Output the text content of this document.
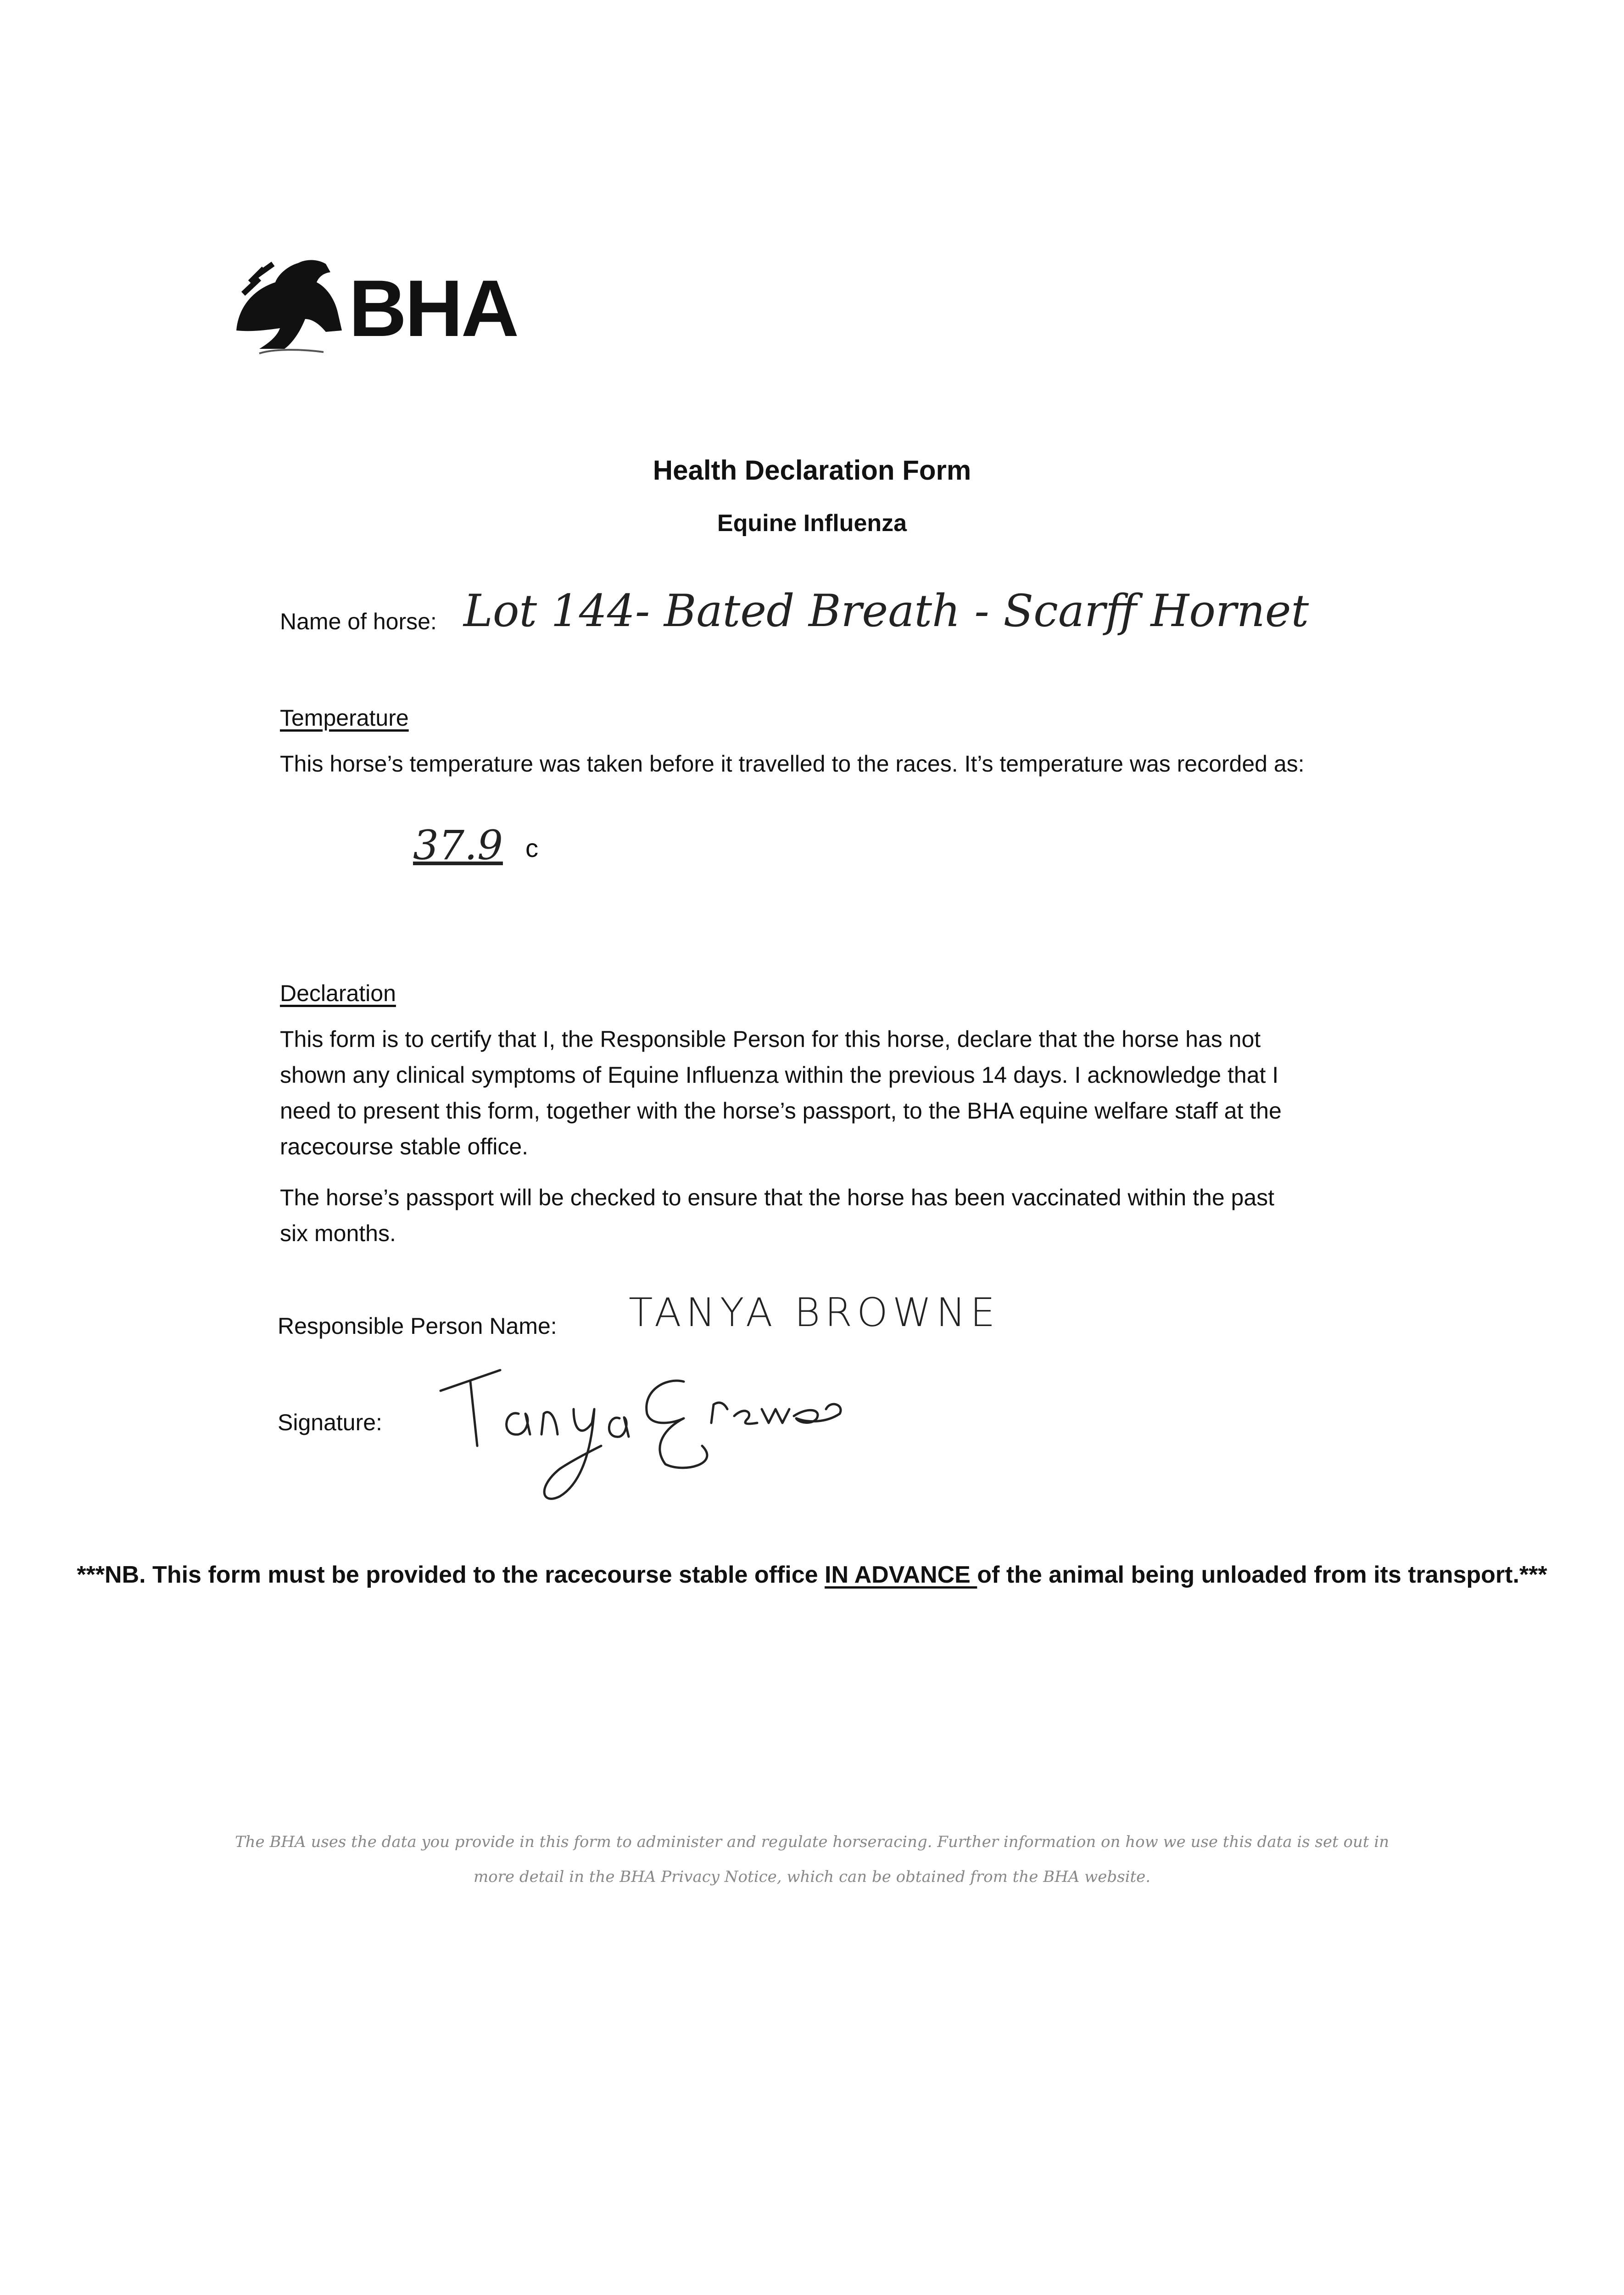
BHA
Health Declaration Form
Equine Influenza
Name of horse: Lot 144- Bated Breath - Scarff Hornet
Temperature
This horse’s temperature was taken before it travelled to the races. It’s temperature was recorded as:
37.9 c
Declaration
This form is to certify that I, the Responsible Person for this horse, declare that the horse has not shown any clinical symptoms of Equine Influenza within the previous 14 days. I acknowledge that I need to present this form, together with the horse’s passport, to the BHA equine welfare staff at the racecourse stable office.
The horse’s passport will be checked to ensure that the horse has been vaccinated within the past six months.
Responsible Person Name: TANYA BROWNE
Signature:
***NB. This form must be provided to the racecourse stable office IN ADVANCE of the animal being unloaded from its transport.***
The BHA uses the data you provide in this form to administer and regulate horseracing. Further information on how we use this data is set out in more detail in the BHA Privacy Notice, which can be obtained from the BHA website.
